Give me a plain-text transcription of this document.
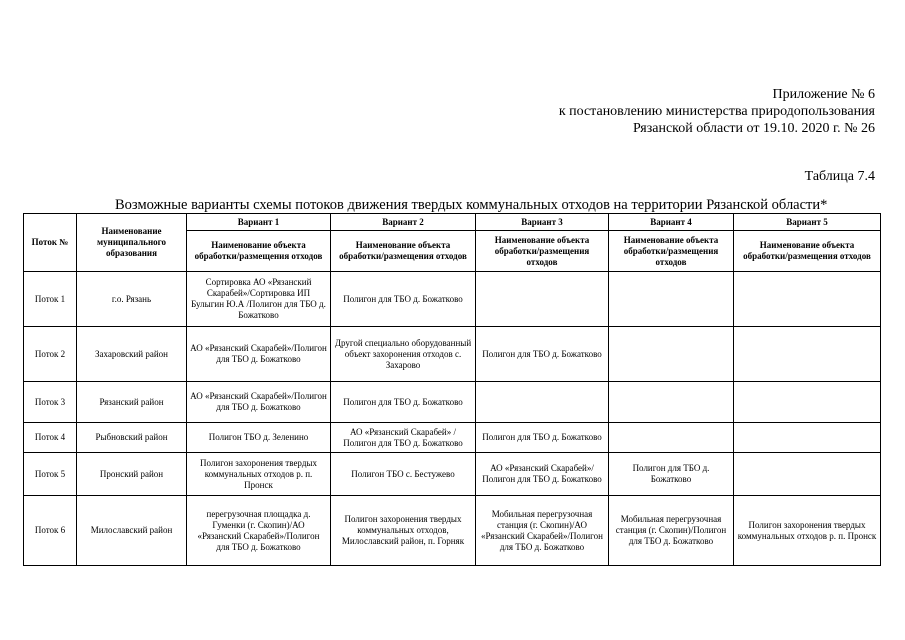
Приложение № 6
к постановлению министерства природопользования
Рязанской области от 19.10. 2020 г. № 26
Таблица 7.4
Возможные варианты схемы потоков движения твердых коммунальных отходов на территории Рязанской области*
Поток №	Наименование муниципального образования	Вариант 1	Вариант 2	Вариант 3	Вариант 4	Вариант 5
		Наименование объекта обработки/размещения отходов	Наименование объекта обработки/размещения отходов	Наименование объекта обработки/размещения отходов	Наименование объекта обработки/размещения отходов	Наименование объекта обработки/размещения отходов
Поток 1	г.о. Рязань	Сортировка АО «Рязанский Скарабей»/Сортировка ИП Булыгин Ю.А /Полигон для ТБО д. Божатково	Полигон для ТБО д. Божатково			
Поток 2	Захаровский район	АО «Рязанский Скарабей»/Полигон для ТБО д. Божатково	Другой специально оборудованный объект захоронения отходов с. Захарово	Полигон для ТБО д. Божатково		
Поток 3	Рязанский район	АО «Рязанский Скарабей»/Полигон для ТБО д. Божатково	Полигон для ТБО д. Божатково			
Поток 4	Рыбновский район	Полигон ТБО д. Зеленино	АО «Рязанский Скарабей» /Полигон для ТБО д. Божатково	Полигон для ТБО д. Божатково		
Поток 5	Пронский район	Полигон захоронения твердых коммунальных отходов р. п. Пронск	Полигон ТБО с. Бестужево	АО «Рязанский Скарабей»/Полигон для ТБО д. Божатково	Полигон для ТБО д. Божатково	
Поток 6	Милославский район	перегрузочная площадка д. Гуменки (г. Скопин)/АО «Рязанский Скарабей»/Полигон для ТБО д. Божатково	Полигон захоронения твердых коммунальных отходов, Милославский район, п. Горняк	Мобильная перегрузочная станция (г. Скопин)/АО «Рязанский Скарабей»/Полигон для ТБО д. Божатково	Мобильная перегрузочная станция (г. Скопин)/Полигон для ТБО д. Божатково	Полигон захоронения твердых коммунальных отходов р. п. Пронск
